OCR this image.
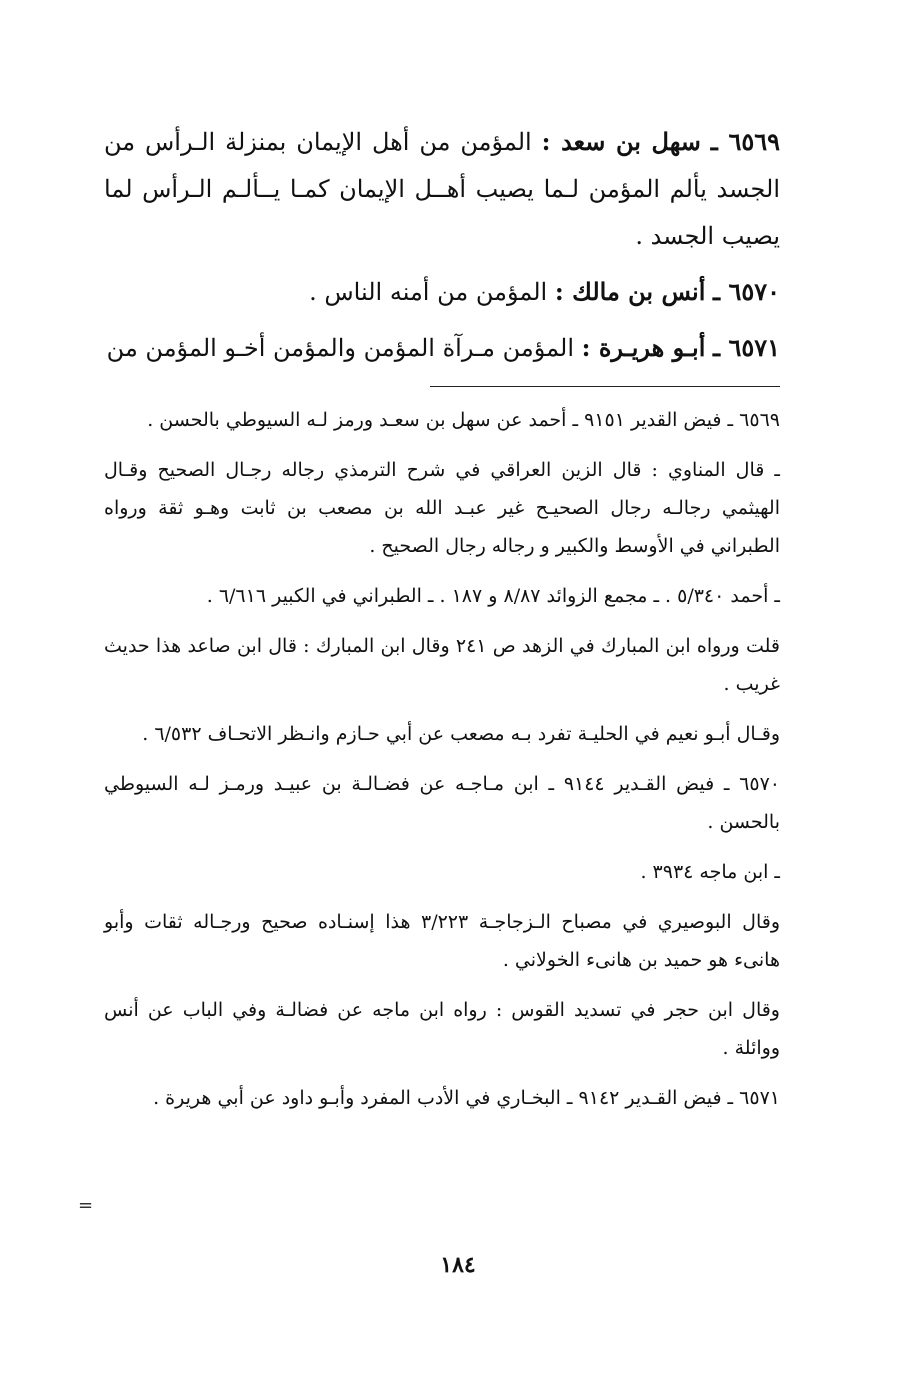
٦٥٦٩ ـ سهل بن سعد : المؤمن من أهل الإيمان بمنزلة الـرأس من الجسد يألم المؤمن لـما يصيب أهــل الإيمان كمـا يــألـم الـرأس لما يصيب الجسد .

٦٥٧٠ ـ أنس بن مالك : المؤمن من أمنه الناس .

٦٥٧١ ـ أبـو هريـرة : المؤمن مـرآة المؤمن والمؤمن أخـو المؤمن من

٦٥٦٩ ـ فيض القدير ٩١٥١ ـ أحمد عن سهل بن سعـد ورمز لـه السيوطي بالحسن .

ـ قال المناوي : قال الزين العراقي في شرح الترمذي رجاله رجـال الصحيح وقـال الهيثمي رجالـه رجال الصحيـح غير عبـد الله بن مصعب بن ثابت وهـو ثقة ورواه الطبراني في الأوسط والكبير و رجاله رجال الصحيح .

ـ أحمد ٥/٣٤٠ . ـ مجمع الزوائد ٨/٨٧ و ١٨٧ . ـ الطبراني في الكبير ٦/٦١٦ .

قلت ورواه ابن المبارك في الزهد ص ٢٤١ وقال ابن المبارك : قال ابن صاعد هذا حديث غريب .

وقـال أبـو نعيم في الحليـة تفرد بـه مصعب عن أبي حـازم وانـظر الاتحـاف ٦/٥٣٢ .

٦٥٧٠ ـ فيض القـدير ٩١٤٤ ـ ابن مـاجـه عن فضـالـة بن عبيـد ورمـز لـه السيوطي بالحسن .

ـ ابن ماجه ٣٩٣٤ .

وقال البوصيري في مصباح الـزجاجـة ٣/٢٢٣ هذا إسنـاده صحيح ورجـاله ثقات وأبو هانىء هو حميد بن هانىء الخولاني .

وقال ابن حجر في تسديد القوس : رواه ابن ماجه عن فضالـة وفي الباب عن أنس ووائلة .

٦٥٧١ ـ فيض القـدير ٩١٤٢ ـ البخـاري في الأدب المفرد وأبـو داود عن أبي هريرة .

١٨٤
=
